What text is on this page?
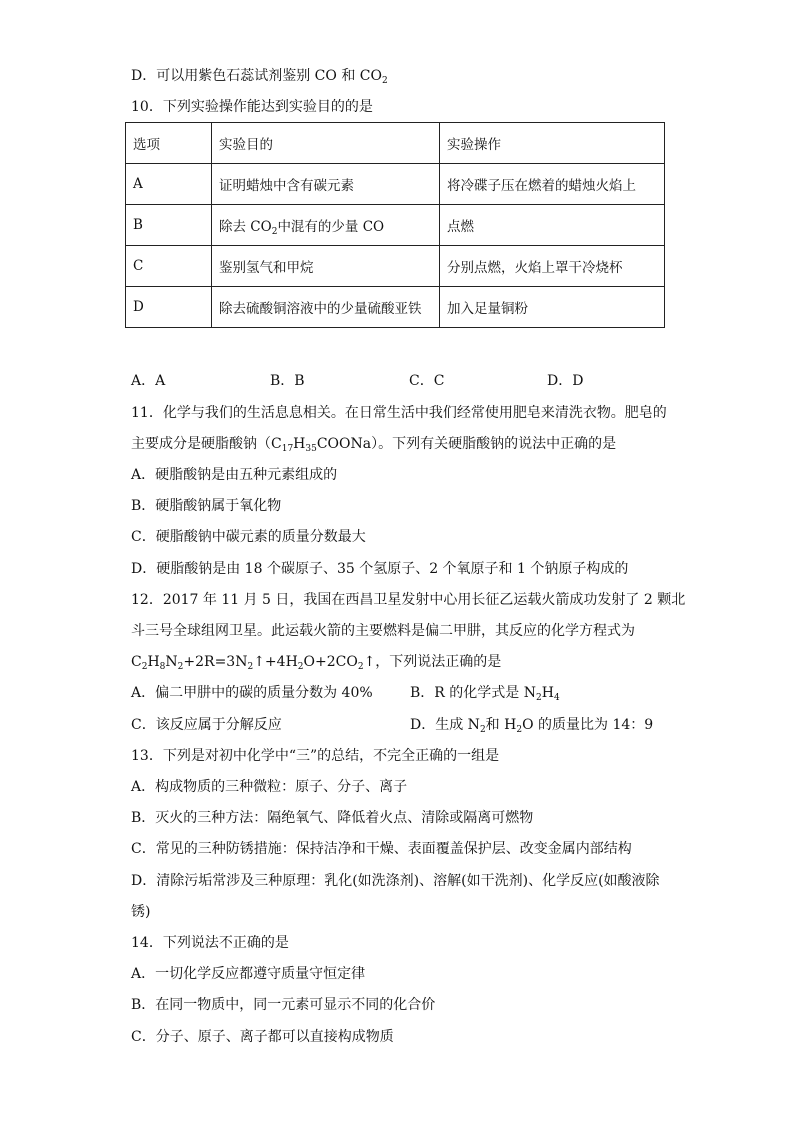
D．可以用紫色石蕊试剂鉴别 CO 和 $CO_2$
10．下列实验操作能达到实验目的的是
选项	实验目的	实验操作
A	证明蜡烛中含有碳元素	将冷碟子压在燃着的蜡烛火焰上
B	除去 $CO_2$中混有的少量 CO	点燃
C	鉴别氢气和甲烷	分别点燃，火焰上罩干冷烧杯
D	除去硫酸铜溶液中的少量硫酸亚铁	加入足量铜粉
A．A	B．B	C．C	D．D
11．化学与我们的生活息息相关。在日常生活中我们经常使用肥皂来清洗衣物。肥皂的
主要成分是硬脂酸钠$(C_{17}H_{35}COONa)$。下列有关硬脂酸钠的说法中正确的是
A．硬脂酸钠是由五种元素组成的
B．硬脂酸钠属于氧化物
C．硬脂酸钠中碳元素的质量分数最大
D．硬脂酸钠是由 18 个碳原子、35 个氢原子、2 个氧原子和 1 个钠原子构成的
12．2017 年 11 月 5 日，我国在西昌卫星发射中心用长征乙运载火箭成功发射了 2 颗北
斗三号全球组网卫星。此运载火箭的主要燃料是偏二甲肼，其反应的化学方程式为
$C_2H_8N_2+2R=3N_2↑+4H_2O+2CO_2↑$，下列说法正确的是
A．偏二甲肼中的碳的质量分数为 40%	B．R 的化学式是 $N_2H_4$
C．该反应属于分解反应	D．生成 $N_2$和 $H_2O$ 的质量比为 14：9
13．下列是对初中化学中“三”的总结，不完全正确的一组是
A．构成物质的三种微粒：原子、分子、离子
B．灭火的三种方法：隔绝氧气、降低着火点、清除或隔离可燃物
C．常见的三种防锈措施：保持洁净和干燥、表面覆盖保护层、改变金属内部结构
D．清除污垢常涉及三种原理：乳化(如洗涤剂)、溶解(如干洗剂)、化学反应(如酸液除
锈)
14．下列说法不正确的是
A．一切化学反应都遵守质量守恒定律
B．在同一物质中，同一元素可显示不同的化合价
C．分子、原子、离子都可以直接构成物质
